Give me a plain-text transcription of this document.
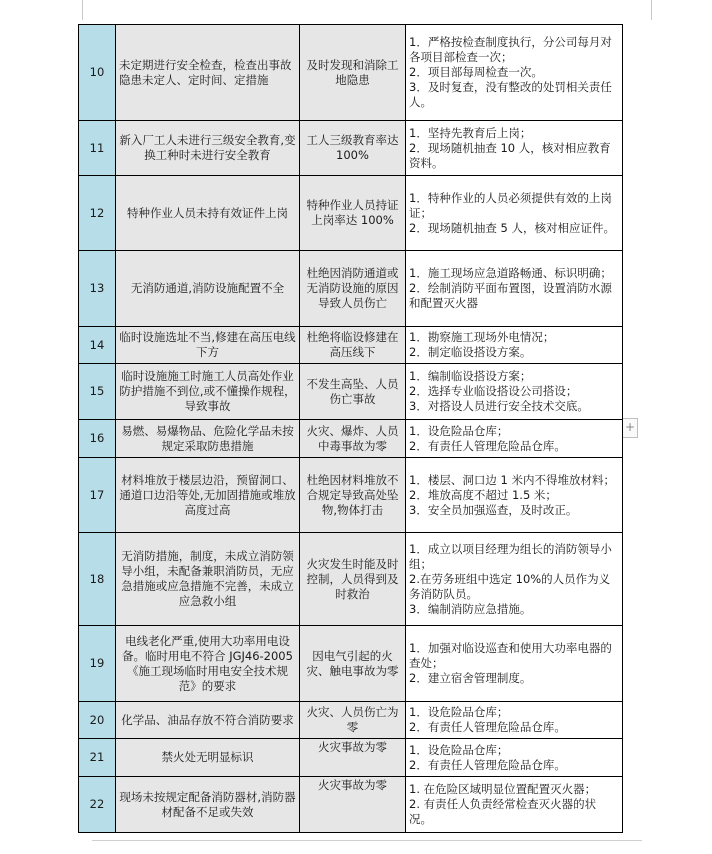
+
10	未定期进行安全检查，检查出事故隐患未定人、定时间、定措施	及时发现和消除工地隐患	1．严格按检查制度执行，分公司每月对各项目部检查一次；
2．项目部每周检查一次。
3．及时复查，没有整改的处罚相关责任人。

11	新入厂工人未进行三级安全教育,变换工种时未进行安全教育	工人三级教育率达 100%	1．坚持先教育后上岗；
2．现场随机抽查 10 人，核对相应教育资料。

12	特种作业人员未持有效证件上岗	特种作业人员持证上岗率达 100%	1．特种作业的人员必须提供有效的上岗证；
2．现场随机抽查 5 人，核对相应证件。

13	无消防通道,消防设施配置不全	杜绝因消防通道或无消防设施的原因导致人员伤亡	1．施工现场应急道路畅通、标识明确；
2．绘制消防平面布置图，设置消防水源和配置灭火器

14	临时设施选址不当,修建在高压电线下方	杜绝将临设修建在高压线下	1．勘察施工现场外电情况；
2．制定临设搭设方案。

15	临时设施施工时施工人员高处作业防护措施不到位,或不懂操作规程，导致事故	不发生高坠、人员伤亡事故	1．编制临设搭设方案；
2．选择专业临设搭设公司搭设；
3．对搭设人员进行安全技术交底。

16	易燃、易爆物品、危险化学品未按规定采取防患措施	火灾、爆炸、人员中毒事故为零	1．设危险品仓库；
2．有责任人管理危险品仓库。

17	材料堆放于楼层边沿，预留洞口、通道口边沿等处,无加固措施或堆放高度过高	杜绝因材料堆放不合规定导致高处坠物,物体打击	1．楼层、洞口边 1 米内不得堆放材料；
2．堆放高度不超过 1.5 米；
3．安全员加强巡查，及时改正。

18	无消防措施，制度，未成立消防领导小组，未配备兼职消防员，无应急措施或应急措施不完善，未成立应急救小组	火灾发生时能及时控制，人员得到及时救治	1．成立以项目经理为组长的消防领导小组；
2.在劳务班组中选定 10%的人员作为义务消防队员。
3．编制消防应急措施。

19	电线老化严重,使用大功率用电设备。临时用电不符合 JGJ46-2005《施工现场临时用电安全技术规范》的要求	因电气引起的火灾、触电事故为零	1．加强对临设巡查和使用大功率电器的查处；
2．建立宿舍管理制度。

20	化学品、油品存放不符合消防要求	火灾、人员伤亡为零	1．设危险品仓库；
2．有责任人管理危险品仓库。

21	禁火处无明显标识	火灾事故为零	1．设危险品仓库；
2．有责任人管理危险品仓库。

22	现场未按规定配备消防器材,消防器材配备不足或失效	火灾事故为零	1. 在危险区域明显位置配置灭火器；
2. 有责任人负责经常检查灭火器的状况。
